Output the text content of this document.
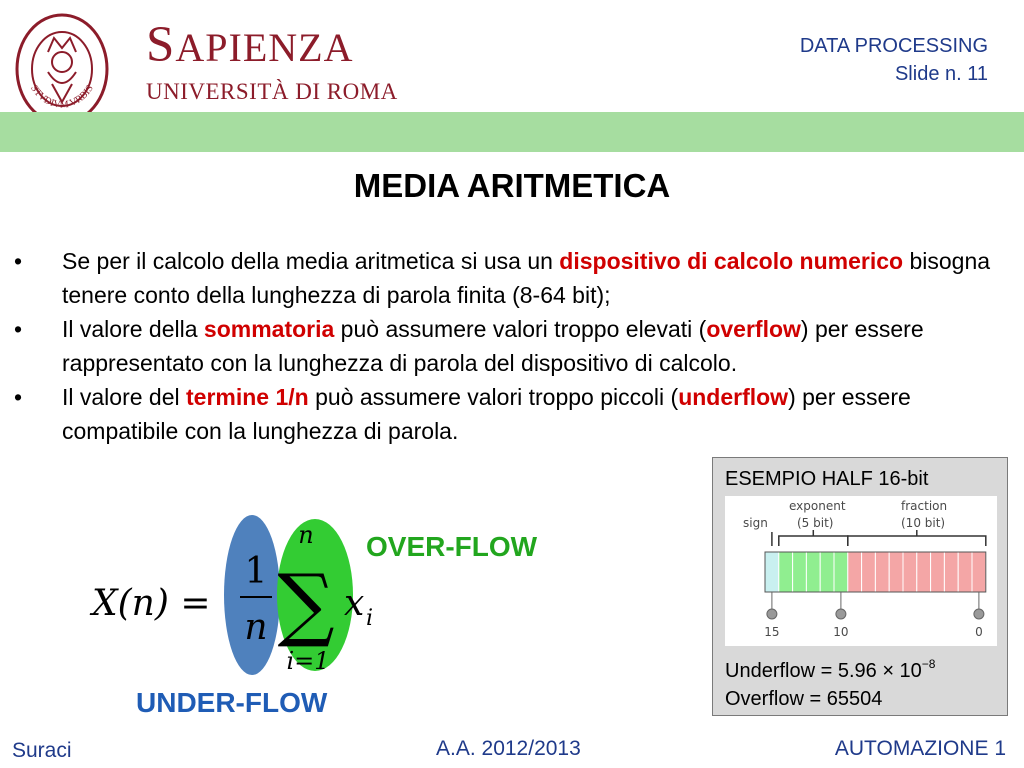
STVDIVM VRBIS
SAPIENZA
UNIVERSITÀ DI ROMA
DATA PROCESSING
Slide n. 11
MEDIA ARITMETICA
• Se per il calcolo della media aritmetica si usa un dispositivo di calcolo numerico bisogna tenere conto della lunghezza di parola finita (8-64 bit);
• Il valore della sommatoria può assumere valori troppo elevati (overflow) per essere rappresentato con la lunghezza di parola del dispositivo di calcolo.
• Il valore del termine 1/n può assumere valori troppo piccoli (underflow) per essere compatibile con la lunghezza di parola.
X(n) =
1
n ∑
n
i=1
x i
OVER-FLOW
UNDER-FLOW
ESEMPIO HALF 16-bit
exponent
(5 bit)
fraction
(10 bit)
sign
15	10	0
Underflow = $5.96 \times 10^{-8}$
Overflow = 65504
Suraci	A.A. 2012/2013	AUTOMAZIONE 1
